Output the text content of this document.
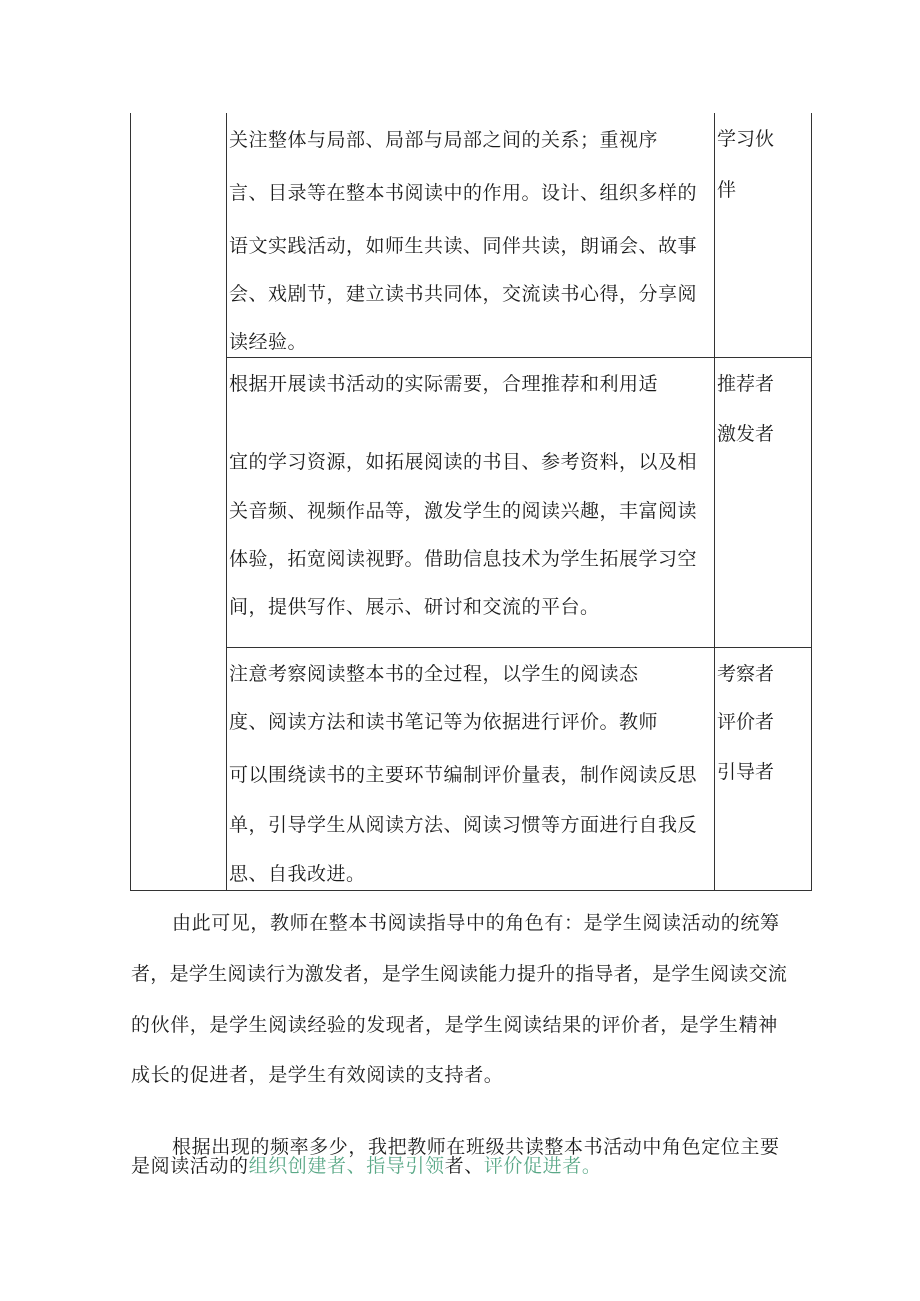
关注整体与局部、局部与局部之间的关系；重视序
言、目录等在整本书阅读中的作用。设计、组织多样的
语文实践活动，如师生共读、同伴共读，朗诵会、故事
会、戏剧节，建立读书共同体，交流读书心得，分享阅
读经验。
学习伙
伴
根据开展读书活动的实际需要，合理推荐和利用适
宜的学习资源，如拓展阅读的书目、参考资料，以及相
关音频、视频作品等，激发学生的阅读兴趣，丰富阅读
体验，拓宽阅读视野。借助信息技术为学生拓展学习空
间，提供写作、展示、研讨和交流的平台。
推荐者
激发者
注意考察阅读整本书的全过程，以学生的阅读态
度、阅读方法和读书笔记等为依据进行评价。教师
可以围绕读书的主要环节编制评价量表，制作阅读反思
单，引导学生从阅读方法、阅读习惯等方面进行自我反
思、自我改进。
考察者
评价者
引导者
由此可见，教师在整本书阅读指导中的角色有：是学生阅读活动的统筹
者，是学生阅读行为激发者，是学生阅读能力提升的指导者，是学生阅读交流
的伙伴，是学生阅读经验的发现者，是学生阅读结果的评价者，是学生精神
成长的促进者，是学生有效阅读的支持者。
根据出现的频率多少，我把教师在班级共读整本书活动中角色定位主要
是阅读活动的组织创建者、指导引领者、评价促进者。
